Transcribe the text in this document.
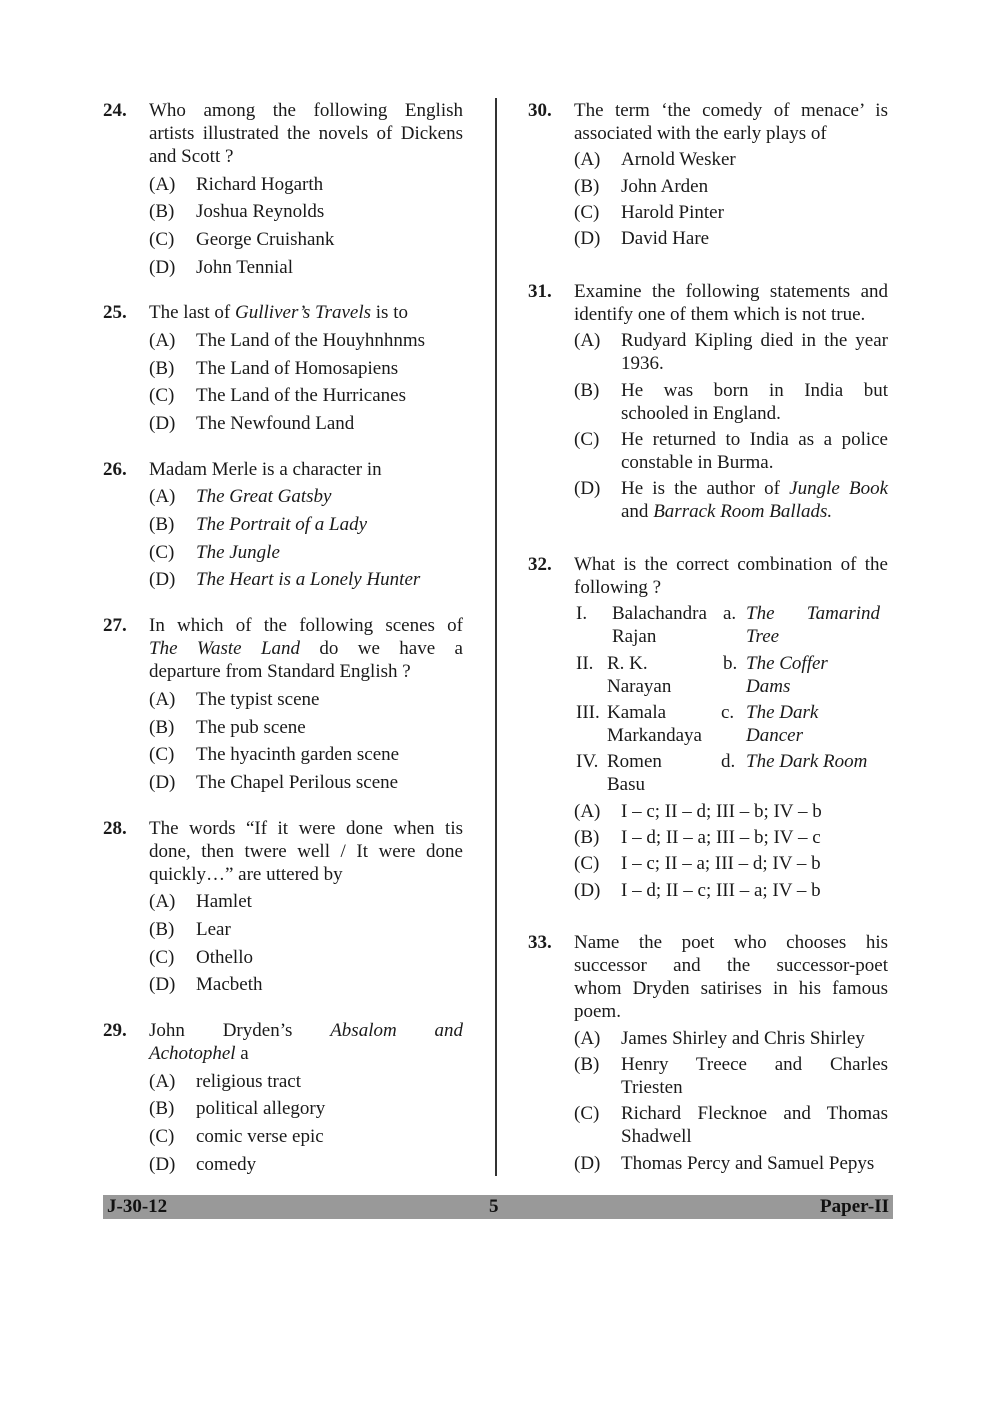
24. Who among the following English
artists illustrated the novels of Dickens
and Scott ?
(A) Richard Hogarth
(B) Joshua Reynolds
(C) George Cruishank
(D) John Tennial
25. The last of Gulliver’s Travels is to
(A) The Land of the Houyhnhnms
(B) The Land of Homosapiens
(C) The Land of the Hurricanes
(D) The Newfound Land
26. Madam Merle is a character in
(A) The Great Gatsby
(B) The Portrait of a Lady
(C) The Jungle
(D) The Heart is a Lonely Hunter
27. In which of the following scenes of
The Waste Land do we have a
departure from Standard English ?
(A) The typist scene
(B) The pub scene
(C) The hyacinth garden scene
(D) The Chapel Perilous scene
28. The words “If it were done when tis
done, then twere well / It were done
quickly…” are uttered by
(A) Hamlet
(B) Lear
(C) Othello
(D) Macbeth
29. John Dryden’s Absalom and
Achotophel a
(A) religious tract
(B) political allegory
(C) comic verse epic
(D) comedy
30. The term ‘the comedy of menace’ is
associated with the early plays of
(A) Arnold Wesker
(B) John Arden
(C) Harold Pinter
(D) David Hare
31. Examine the following statements and
identify one of them which is not true.
(A) Rudyard Kipling died in the year
1936.
(B) He was born in India but
schooled in England.
(C) He returned to India as a police
constable in Burma.
(D) He is the author of Jungle Book
and Barrack Room Ballads.
32. What is the correct combination of the
following ?
I. Balachandra
Rajan
II. R. K.
Narayan
III. Kamala
Markandaya
IV. Romen
Basu
a. The Tamarind
Tree
b. The Coffer
Dams
c. The Dark
Dancer
d. The Dark Room
(A) I – c; II – d; III – b; IV – b
(B) I – d; II – a; III – b; IV – c
(C) I – c; II – a; III – d; IV – b
(D) I – d; II – c; III – a; IV – b
33. Name the poet who chooses his
successor and the successor-poet
whom Dryden satirises in his famous
poem.
(A) James Shirley and Chris Shirley
(B) Henry Treece and Charles
Triesten
(C) Richard Flecknoe and Thomas
Shadwell
(D) Thomas Percy and Samuel Pepys
J-30-12	5	Paper-II
